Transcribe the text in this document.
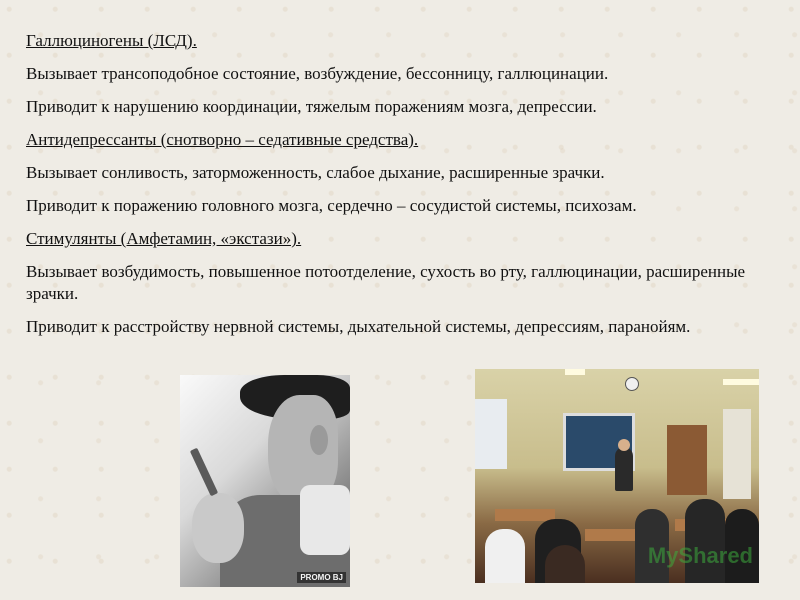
Галлюциногены (ЛСД).

Вызывает трансоподобное состояние, возбуждение, бессонницу, галлюцинации.

Приводит к нарушению координации, тяжелым поражениям мозга, депрессии.

Антидепрессанты (снотворно – седативные средства).

Вызывает сонливость, заторможенность, слабое дыхание, расширенные зрачки.

Приводит к поражению головного мозга, сердечно – сосудистой системы, психозам.

Стимулянты (Амфетамин, «экстази»).

Вызывает возбудимость, повышенное потоотделение, сухость во рту, галлюцинации, расширенные зрачки.

Приводит к расстройству нервной системы, дыхательной системы, депрессиям, паранойям.

PROMO BJ
MyShared
